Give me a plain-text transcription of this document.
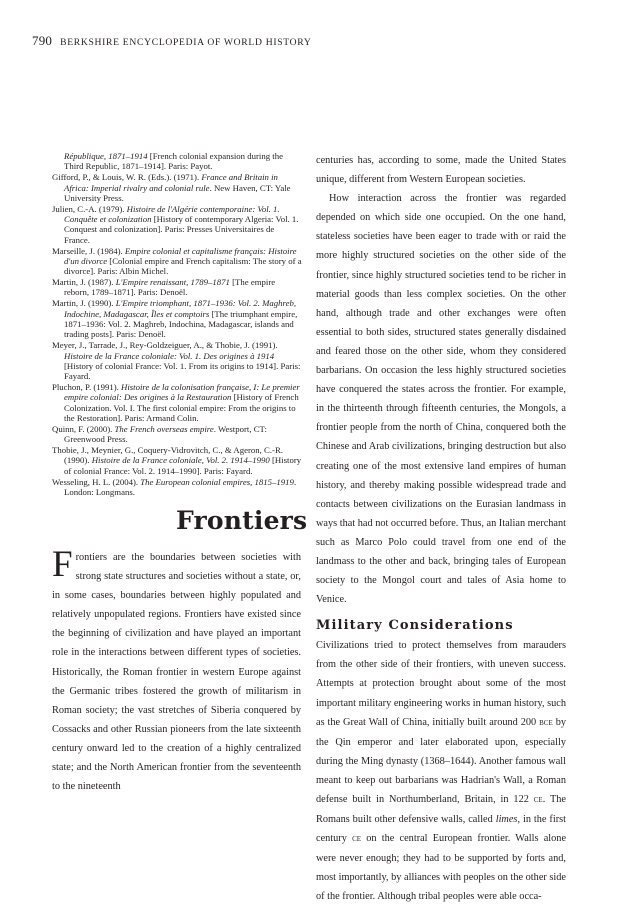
790 BERKSHIRE ENCYCLOPEDIA OF WORLD HISTORY

République, 1871–1914 [French colonial expansion during the Third Republic, 1871–1914]. Paris: Payot.

Gifford, P., & Louis, W. R. (Eds.). (1971). France and Britain in Africa: Imperial rivalry and colonial rule. New Haven, CT: Yale University Press.

Julien, C.-A. (1979). Histoire de l'Algérie contemporaine: Vol. 1. Conquête et colonization [History of contemporary Algeria: Vol. 1. Conquest and colonization]. Paris: Presses Universitaires de France.

Marseille, J. (1984). Empire colonial et capitalisme français: Histoire d'un divorce [Colonial empire and French capitalism: The story of a divorce]. Paris: Albin Michel.

Martin, J. (1987). L'Empire renaissant, 1789–1871 [The empire reborn, 1789–1871]. Paris: Denoël.

Martin, J. (1990). L'Empire triomphant, 1871–1936: Vol. 2. Maghreb, Indochine, Madagascar, Îles et comptoirs [The triumphant empire, 1871–1936: Vol. 2. Maghreb, Indochina, Madagascar, islands and trading posts]. Paris: Denoël.

Meyer, J., Tarrade, J., Rey-Goldzeiguer, A., & Thobie, J. (1991). Histoire de la France coloniale: Vol. 1. Des origines à 1914 [History of colonial France: Vol. 1. From its origins to 1914]. Paris: Fayard.

Pluchon, P. (1991). Histoire de la colonisation française, I: Le premier empire colonial: Des origines à la Restauration [History of French Colonization. Vol. I. The first colonial empire: From the origins to the Restoration]. Paris: Armand Colin.

Quinn, F. (2000). The French overseas empire. Westport, CT: Greenwood Press.

Thobie, J., Meynier, G., Coquery-Vidrovitch, C., & Ageron, C.-R. (1990). Histoire de la France coloniale, Vol. 2. 1914–1990 [History of colonial France: Vol. 2. 1914–1990]. Paris: Fayard.

Wesseling, H. L. (2004). The European colonial empires, 1815–1919. London: Longmans.

Frontiers

Frontiers are the boundaries between societies with strong state structures and societies without a state, or, in some cases, boundaries between highly populated and relatively unpopulated regions. Frontiers have existed since the beginning of civilization and have played an important role in the interactions between different types of societies. Historically, the Roman frontier in western Europe against the Germanic tribes fostered the growth of militarism in Roman society; the vast stretches of Siberia conquered by Cossacks and other Russian pioneers from the late sixteenth century onward led to the creation of a highly centralized state; and the North American frontier from the seventeenth to the nineteenth

centuries has, according to some, made the United States unique, different from Western European societies.

How interaction across the frontier was regarded depended on which side one occupied. On the one hand, stateless societies have been eager to trade with or raid the more highly structured societies on the other side of the frontier, since highly structured societies tend to be richer in material goods than less complex societies. On the other hand, although trade and other exchanges were often essential to both sides, structured states generally disdained and feared those on the other side, whom they considered barbarians. On occasion the less highly structured societies have conquered the states across the frontier. For example, in the thirteenth through fifteenth centuries, the Mongols, a frontier people from the north of China, conquered both the Chinese and Arab civilizations, bringing destruction but also creating one of the most extensive land empires of human history, and thereby making possible widespread trade and contacts between civilizations on the Eurasian landmass in ways that had not occurred before. Thus, an Italian merchant such as Marco Polo could travel from one end of the landmass to the other and back, bringing tales of European society to the Mongol court and tales of Asia home to Venice.

Military Considerations

Civilizations tried to protect themselves from marauders from the other side of their frontiers, with uneven success. Attempts at protection brought about some of the most important military engineering works in human history, such as the Great Wall of China, initially built around 200 bce by the Qin emperor and later elaborated upon, especially during the Ming dynasty (1368–1644). Another famous wall meant to keep out barbarians was Hadrian's Wall, a Roman defense built in Northumberland, Britain, in 122 ce. The Romans built other defensive walls, called limes, in the first century ce on the central European frontier. Walls alone were never enough; they had to be supported by forts and, most importantly, by alliances with peoples on the other side of the frontier. Although tribal peoples were able occa-
